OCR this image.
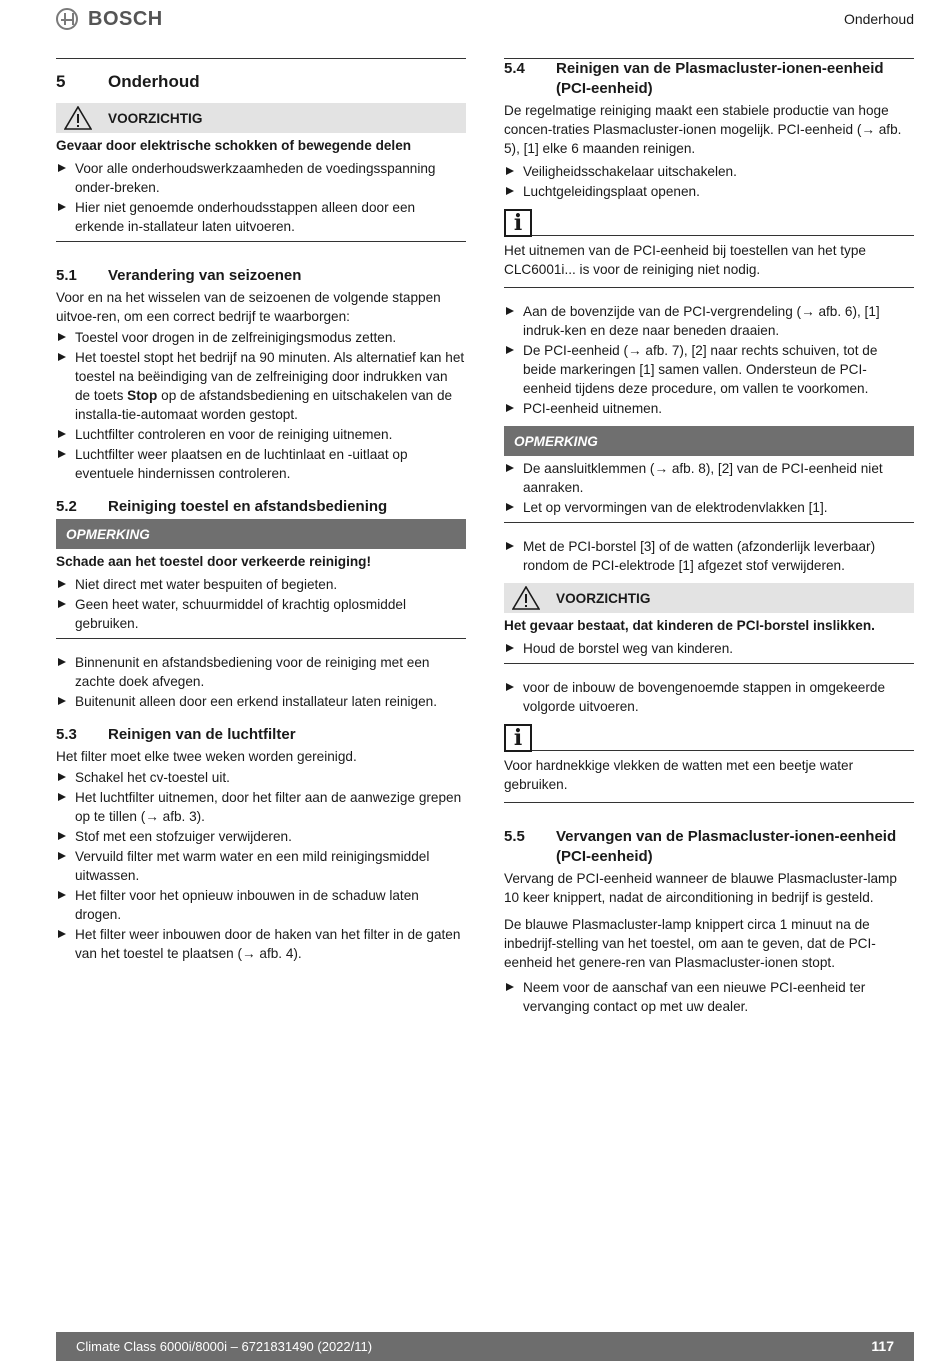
BOSCH	Onderhoud
5	Onderhoud
VOORZICHTIG
Gevaar door elektrische schokken of bewegende delen
Voor alle onderhoudswerkzaamheden de voedingsspanning onder-breken.
Hier niet genoemde onderhoudsstappen alleen door een erkende in-stallateur laten uitvoeren.
5.1	Verandering van seizoenen

Voor en na het wisselen van de seizoenen de volgende stappen uitvoe-ren, om een correct bedrijf te waarborgen:

Toestel voor drogen in de zelfreinigingsmodus zetten.
Het toestel stopt het bedrijf na 90 minuten. Als alternatief kan het toestel na beëindiging van de zelfreiniging door indrukken van de toets Stop op de afstandsbediening en uitschakelen van de installa-tie-automaat worden gestopt.
Luchtfilter controleren en voor de reiniging uitnemen.
Luchtfilter weer plaatsen en de luchtinlaat en -uitlaat op eventuele hindernissen controleren.
5.2	Reiniging toestel en afstandsbediening
OPMERKING
Schade aan het toestel door verkeerde reiniging!
Niet direct met water bespuiten of begieten.
Geen heet water, schuurmiddel of krachtig oplosmiddel gebruiken.
Binnenunit en afstandsbediening voor de reiniging met een zachte doek afvegen.
Buitenunit alleen door een erkend installateur laten reinigen.
5.3	Reinigen van de luchtfilter

Het filter moet elke twee weken worden gereinigd.

Schakel het cv-toestel uit.
Het luchtfilter uitnemen, door het filter aan de aanwezige grepen op te tillen (→ afb. 3).
Stof met een stofzuiger verwijderen.
Vervuild filter met warm water en een mild reinigingsmiddel uitwassen.
Het filter voor het opnieuw inbouwen in de schaduw laten drogen.
Het filter weer inbouwen door de haken van het filter in de gaten van het toestel te plaatsen (→ afb. 4).
5.4	Reinigen van de Plasmacluster-ionen-eenheid (PCI-eenheid)

De regelmatige reiniging maakt een stabiele productie van hoge concen-traties Plasmacluster-ionen mogelijk. PCI-eenheid (→ afb. 5), [1] elke 6 maanden reinigen.

Veiligheidsschakelaar uitschakelen.
Luchtgeleidingsplaat openen.
i

Het uitnemen van de PCI-eenheid bij toestellen van het type CLC6001i... is voor de reiniging niet nodig.

Aan de bovenzijde van de PCI-vergrendeling (→ afb. 6), [1] indruk-ken en deze naar beneden draaien.
De PCI-eenheid (→ afb. 7), [2] naar rechts schuiven, tot de beide markeringen [1] samen vallen. Ondersteun de PCI-eenheid tijdens deze procedure, om vallen te voorkomen.
PCI-eenheid uitnemen.
OPMERKING
De aansluitklemmen (→ afb. 8), [2] van de PCI-eenheid niet aanraken.
Let op vervormingen van de elektrodenvlakken [1].
Met de PCI-borstel [3] of de watten (afzonderlijk leverbaar) rondom de PCI-elektrode [1] afgezet stof verwijderen.
VOORZICHTIG
Het gevaar bestaat, dat kinderen de PCI-borstel inslikken.
Houd de borstel weg van kinderen.
voor de inbouw de bovengenoemde stappen in omgekeerde volgorde uitvoeren.
i

Voor hardnekkige vlekken de watten met een beetje water gebruiken.

5.5	Vervangen van de Plasmacluster-ionen-eenheid (PCI-eenheid)

Vervang de PCI-eenheid wanneer de blauwe Plasmacluster-lamp 10 keer knippert, nadat de airconditioning in bedrijf is gesteld.

De blauwe Plasmacluster-lamp knippert circa 1 minuut na de inbedrijf-stelling van het toestel, om aan te geven, dat de PCI-eenheid het genere-ren van Plasmacluster-ionen stopt.

Neem voor de aanschaf van een nieuwe PCI-eenheid ter vervanging contact op met uw dealer.
Climate Class 6000i/8000i – 6721831490 (2022/11)	117
